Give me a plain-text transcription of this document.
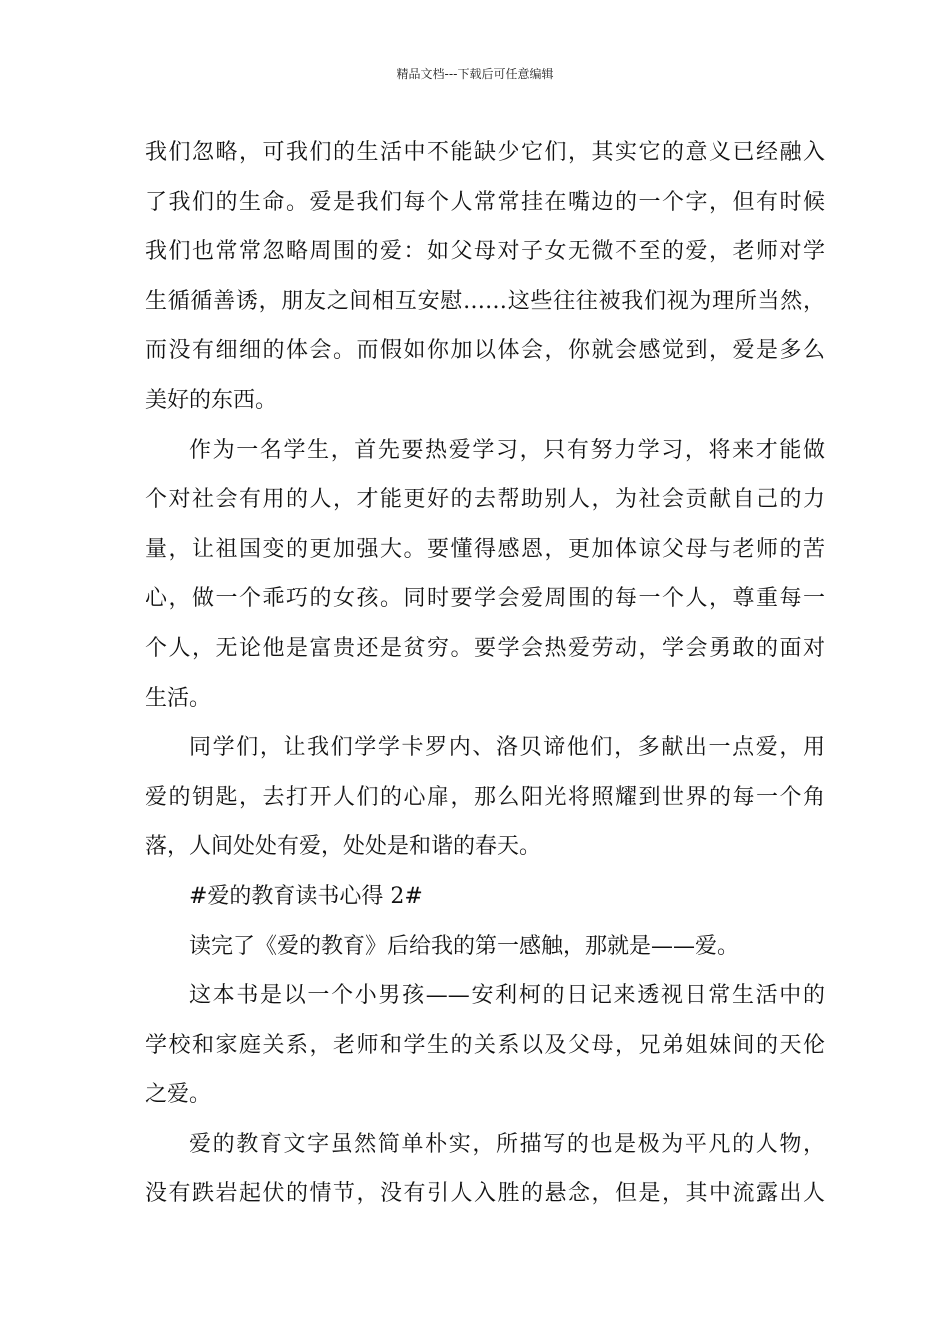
精品文档---下载后可任意编辑
我们忽略，可我们的生活中不能缺少它们，其实它的意义已经融入
了我们的生命。爱是我们每个人常常挂在嘴边的一个字，但有时候
我们也常常忽略周围的爱：如父母对子女无微不至的爱，老师对学
生循循善诱，朋友之间相互安慰……这些往往被我们视为理所当然，
而没有细细的体会。而假如你加以体会，你就会感觉到，爱是多么
美好的东西。
作为一名学生，首先要热爱学习，只有努力学习，将来才能做
个对社会有用的人，才能更好的去帮助别人，为社会贡献自己的力
量，让祖国变的更加强大。要懂得感恩，更加体谅父母与老师的苦
心，做一个乖巧的女孩。同时要学会爱周围的每一个人，尊重每一
个人，无论他是富贵还是贫穷。要学会热爱劳动，学会勇敢的面对
生活。
同学们，让我们学学卡罗内、洛贝谛他们，多献出一点爱，用
爱的钥匙，去打开人们的心扉，那么阳光将照耀到世界的每一个角
落，人间处处有爱，处处是和谐的春天。
#爱的教育读书心得 2#
读完了《爱的教育》后给我的第一感触，那就是——爱。
这本书是以一个小男孩——安利柯的日记来透视日常生活中的
学校和家庭关系，老师和学生的关系以及父母，兄弟姐妹间的天伦
之爱。
爱的教育文字虽然简单朴实，所描写的也是极为平凡的人物，
没有跌岩起伏的情节，没有引人入胜的悬念，但是，其中流露出人
